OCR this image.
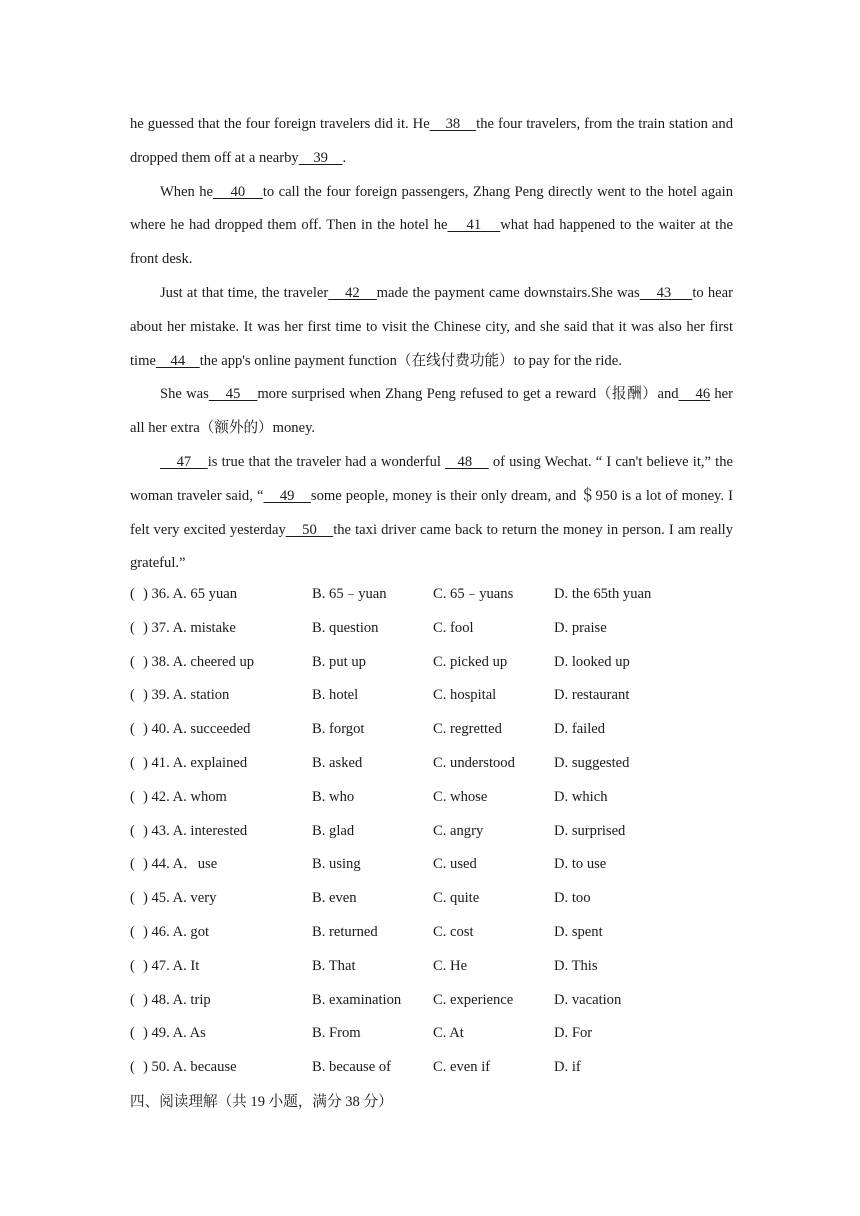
he guessed that the four foreign travelers did it. He    38    the four travelers, from the train station and dropped them off at a nearby    39    .

When he    40    to call the four foreign passengers, Zhang Peng directly went to the hotel again where he had dropped them off. Then in the hotel he    41    what had happened to the waiter at the front desk.

Just at that time, the traveler    42    made the payment came downstairs.She was    43     to hear about her mistake. It was her first time to visit the Chinese city, and she said that it was also her first time    44    the app's online payment function（在线付费功能）to pay for the ride.

She was    45    more surprised when Zhang Peng refused to get a reward（报酬）and    46 her all her extra（额外的）money.

47    is true that the traveler had a wonderful    48     of using Wechat. “ I can't believe it,” the woman traveler said, “    49    some people, money is their only dream, and ＄950 is a lot of money. I felt very excited yesterday    50    the taxi driver came back to return the money in person. I am really grateful.”

( ) 36. A. 65 yuan	B. 65﹣yuan	C. 65﹣yuans	D. the 65th yuan
( ) 37. A. mistake	B. question	C. fool	D. praise
( ) 38. A. cheered up	B. put up	C. picked up	D. looked up
( ) 39. A. station	B. hotel	C. hospital	D. restaurant
( ) 40. A. succeeded	B. forgot	C. regretted	D. failed
( ) 41. A. explained	B. asked	C. understood	D. suggested
( ) 42. A. whom	B. who	C. whose	D. which
( ) 43. A. interested	B. glad	C. angry	D. surprised
( ) 44. A．use	B. using	C. used	D. to use
( ) 45. A. very	B. even	C. quite	D. too
( ) 46. A. got	B. returned	C. cost	D. spent
( ) 47. A. It	B. That	C. He	D. This
( ) 48. A. trip	B. examination C. experience	D. vacation
( ) 49. A. As	B. From	C. At	D. For
( ) 50. A. because	B. because of	C. even if	D. if
四、阅读理解（共 19 小题，满分 38 分）
